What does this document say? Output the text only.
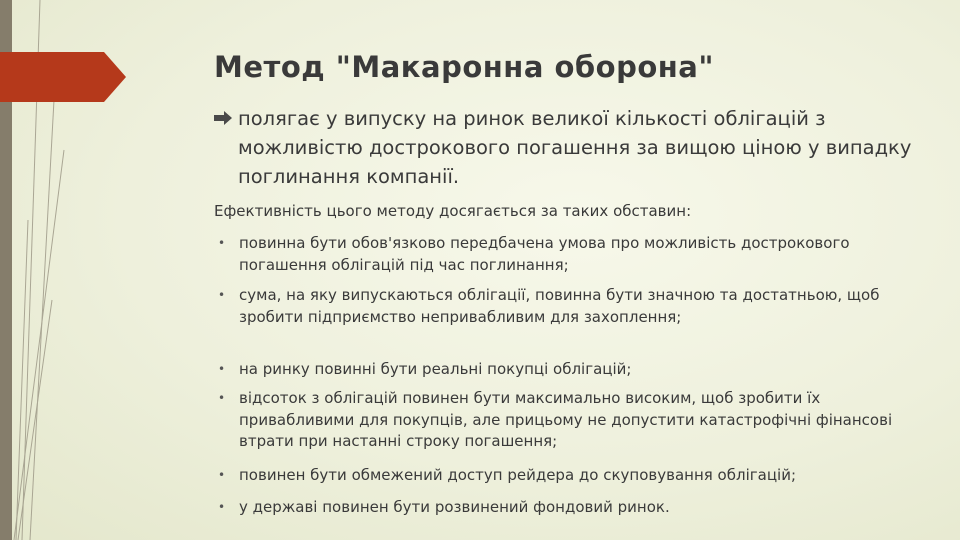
Метод "Макаронна оборона"
полягає у випуску на ринок великої кількості облігацій з можливістю дострокового погашення за вищою ціною у випадку поглинання компанії.
Ефективність цього методу досягається за таких обставин:
• повинна бути обов'язково передбачена умова про можливість дострокового погашення облігацій під час поглинання;
• сума, на яку випускаються облігації, повинна бути значною та достатньою, щоб зробити підприємство непривабливим для захоплення;
• на ринку повинні бути реальні покупці облігацій;
• відсоток з облігацій повинен бути максимально високим, щоб зробити їх привабливими для покупців, але прицьому не допустити катастрофічні фінансові втрати при настанні строку погашення;
• повинен бути обмежений доступ рейдера до скуповування облігацій;
• у державі повинен бути розвинений фондовий ринок.
